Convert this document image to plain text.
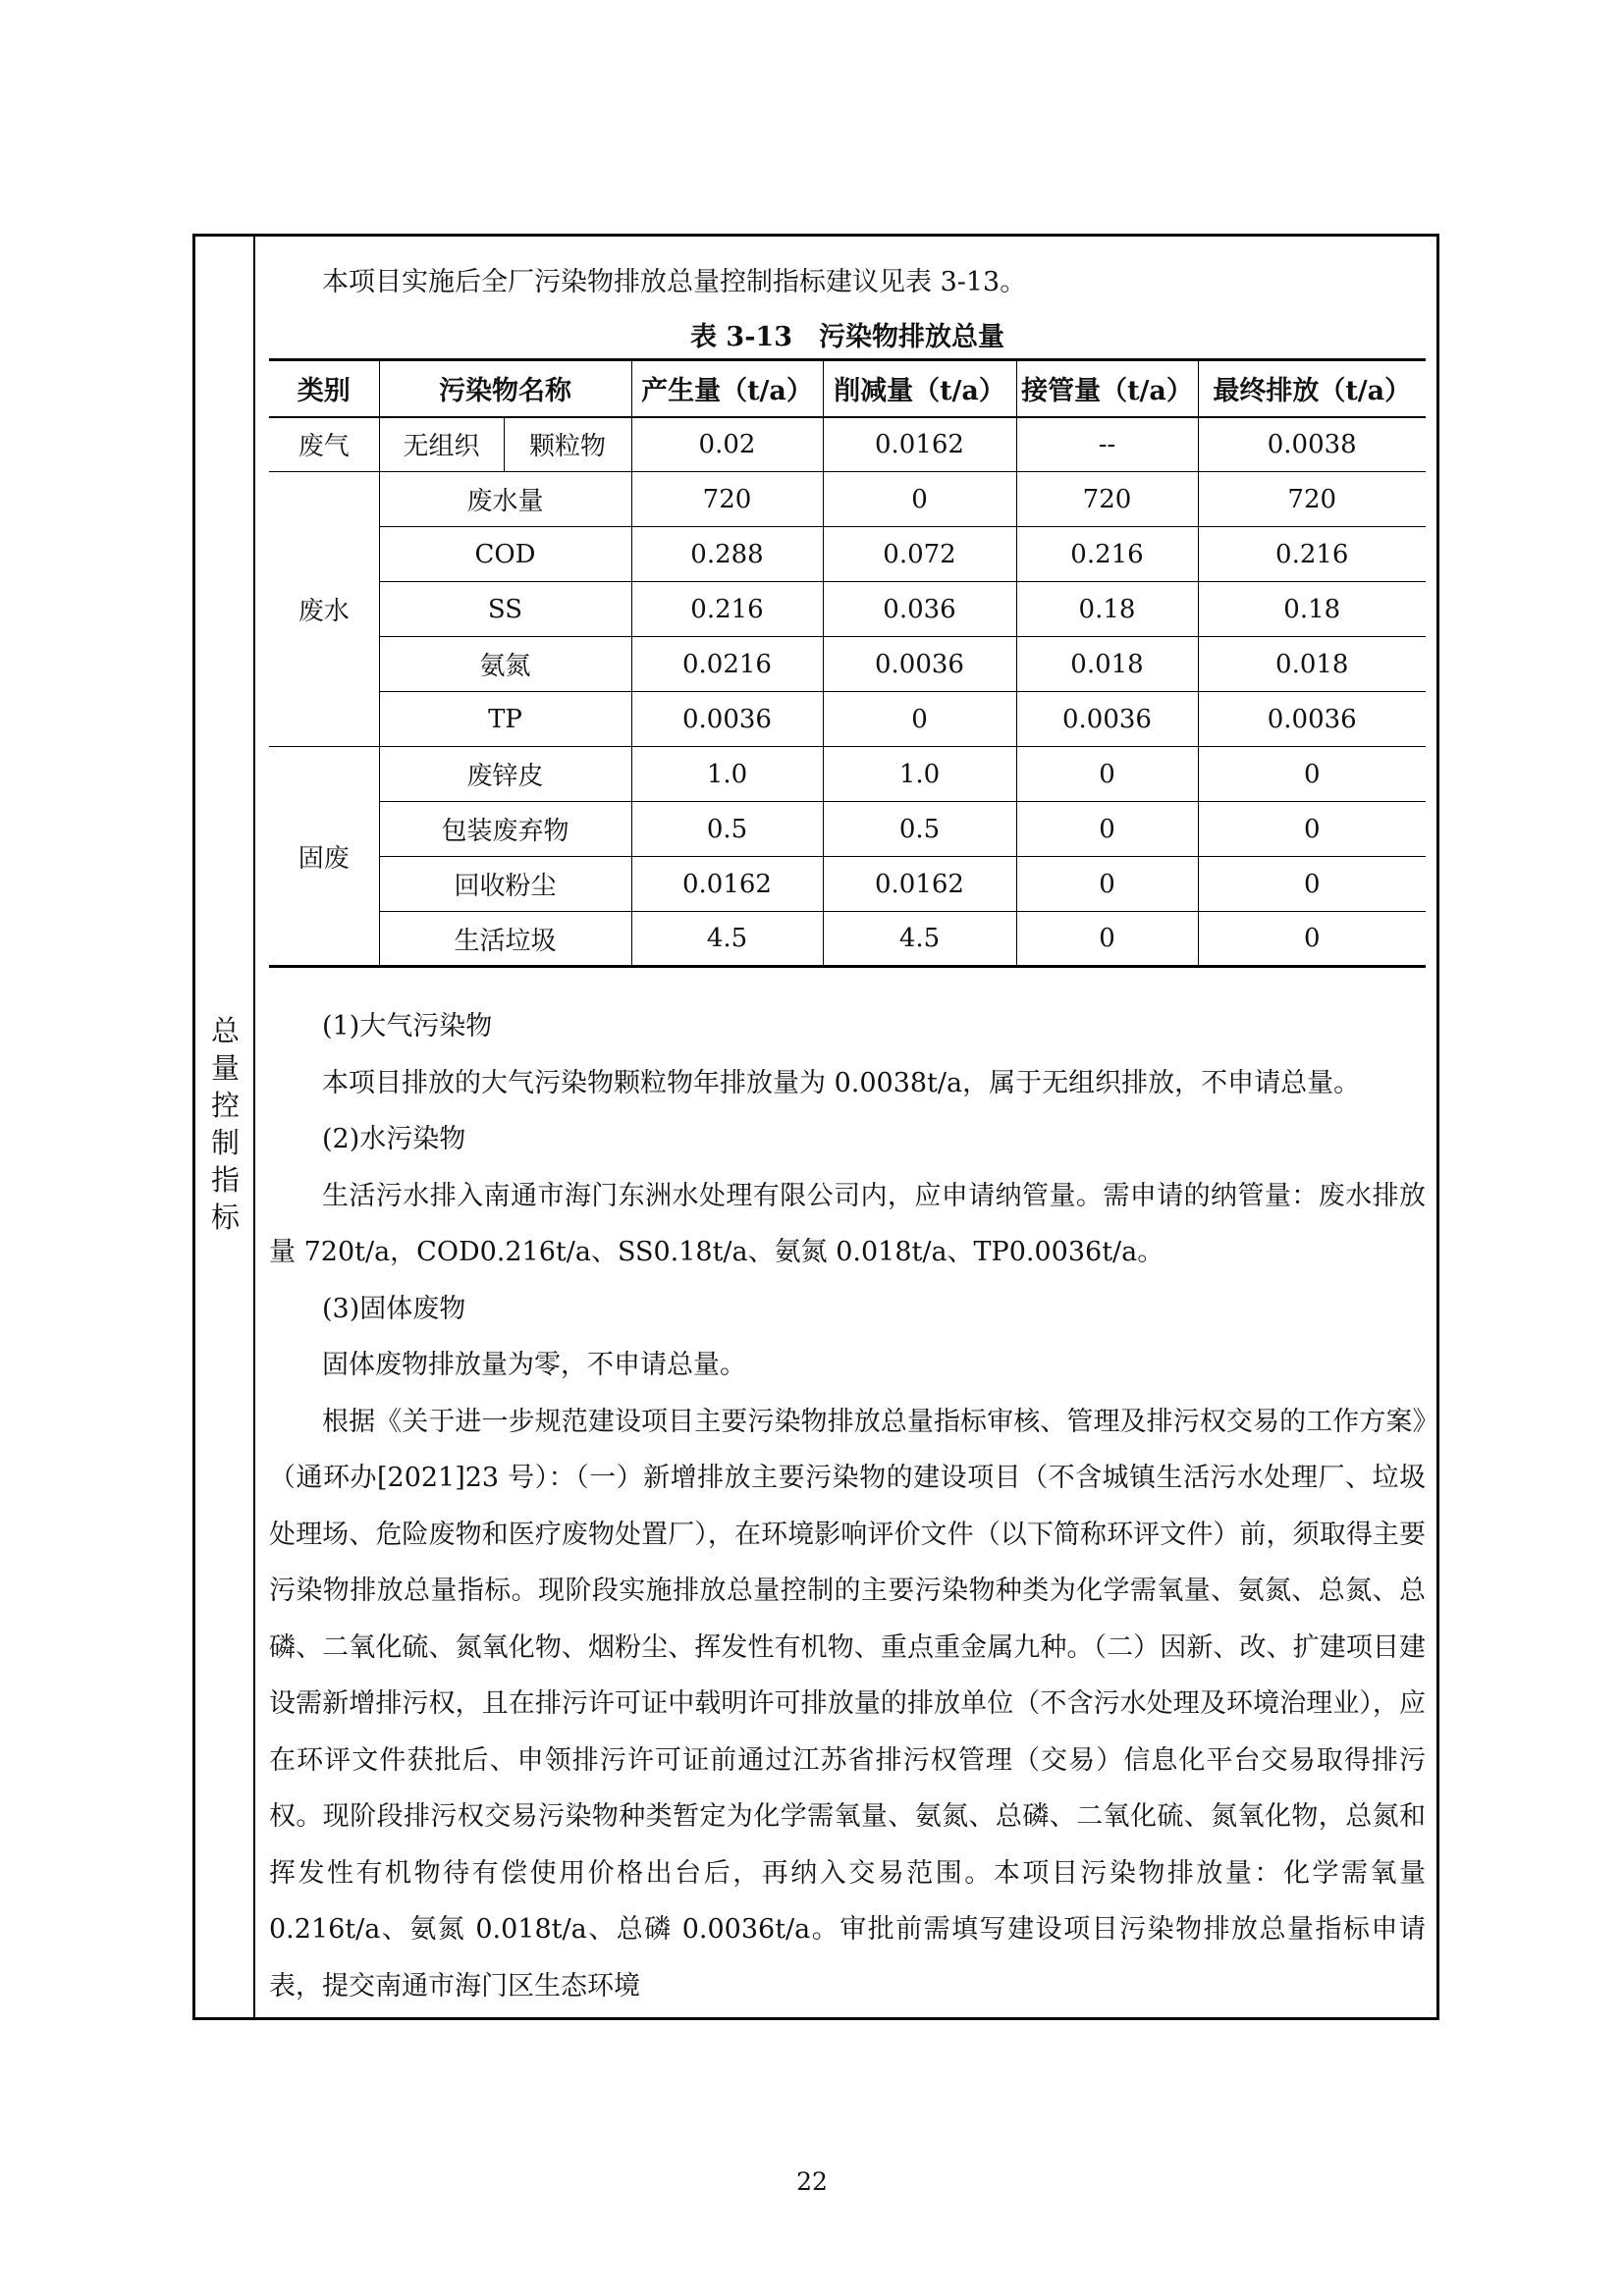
总
量
控
制
指
标

本项目实施后全厂污染物排放总量控制指标建议见表 3-13。

表 3-13　污染物排放总量

类别	污染物名称		产生量（t/a）	削减量（t/a）	接管量（t/a）	最终排放（t/a）
废气	无组织	颗粒物	0.02	0.0162	--	0.0038
废水	废水量		720	0	720	720
	COD		0.288	0.072	0.216	0.216
	SS		0.216	0.036	0.18	0.18
	氨氮		0.0216	0.0036	0.018	0.018
	TP		0.0036	0	0.0036	0.0036
固废	废锌皮		1.0	1.0	0	0
	包装废弃物		0.5	0.5	0	0
	回收粉尘		0.0162	0.0162	0	0
	生活垃圾		4.5	4.5	0	0

(1)大气污染物

本项目排放的大气污染物颗粒物年排放量为 0.0038t/a，属于无组织排放，不申请总量。

(2)水污染物

生活污水排入南通市海门东洲水处理有限公司内，应申请纳管量。需申请的纳管量：废水排放量 720t/a，COD0.216t/a、SS0.18t/a、氨氮 0.018t/a、TP0.0036t/a。

(3)固体废物

固体废物排放量为零，不申请总量。

根据《关于进一步规范建设项目主要污染物排放总量指标审核、管理及排污权交易的工作方案》（通环办[2021]23 号）：（一）新增排放主要污染物的建设项目（不含城镇生活污水处理厂、垃圾处理场、危险废物和医疗废物处置厂），在环境影响评价文件（以下简称环评文件）前，须取得主要污染物排放总量指标。现阶段实施排放总量控制的主要污染物种类为化学需氧量、氨氮、总氮、总磷、二氧化硫、氮氧化物、烟粉尘、挥发性有机物、重点重金属九种。（二）因新、改、扩建项目建设需新增排污权，且在排污许可证中载明许可排放量的排放单位（不含污水处理及环境治理业），应在环评文件获批后、申领排污许可证前通过江苏省排污权管理（交易）信息化平台交易取得排污权。现阶段排污权交易污染物种类暂定为化学需氧量、氨氮、总磷、二氧化硫、氮氧化物，总氮和挥发性有机物待有偿使用价格出台后，再纳入交易范围。本项目污染物排放量：化学需氧量 0.216t/a、氨氮 0.018t/a、总磷 0.0036t/a。审批前需填写建设项目污染物排放总量指标申请表，提交南通市海门区生态环境

22
